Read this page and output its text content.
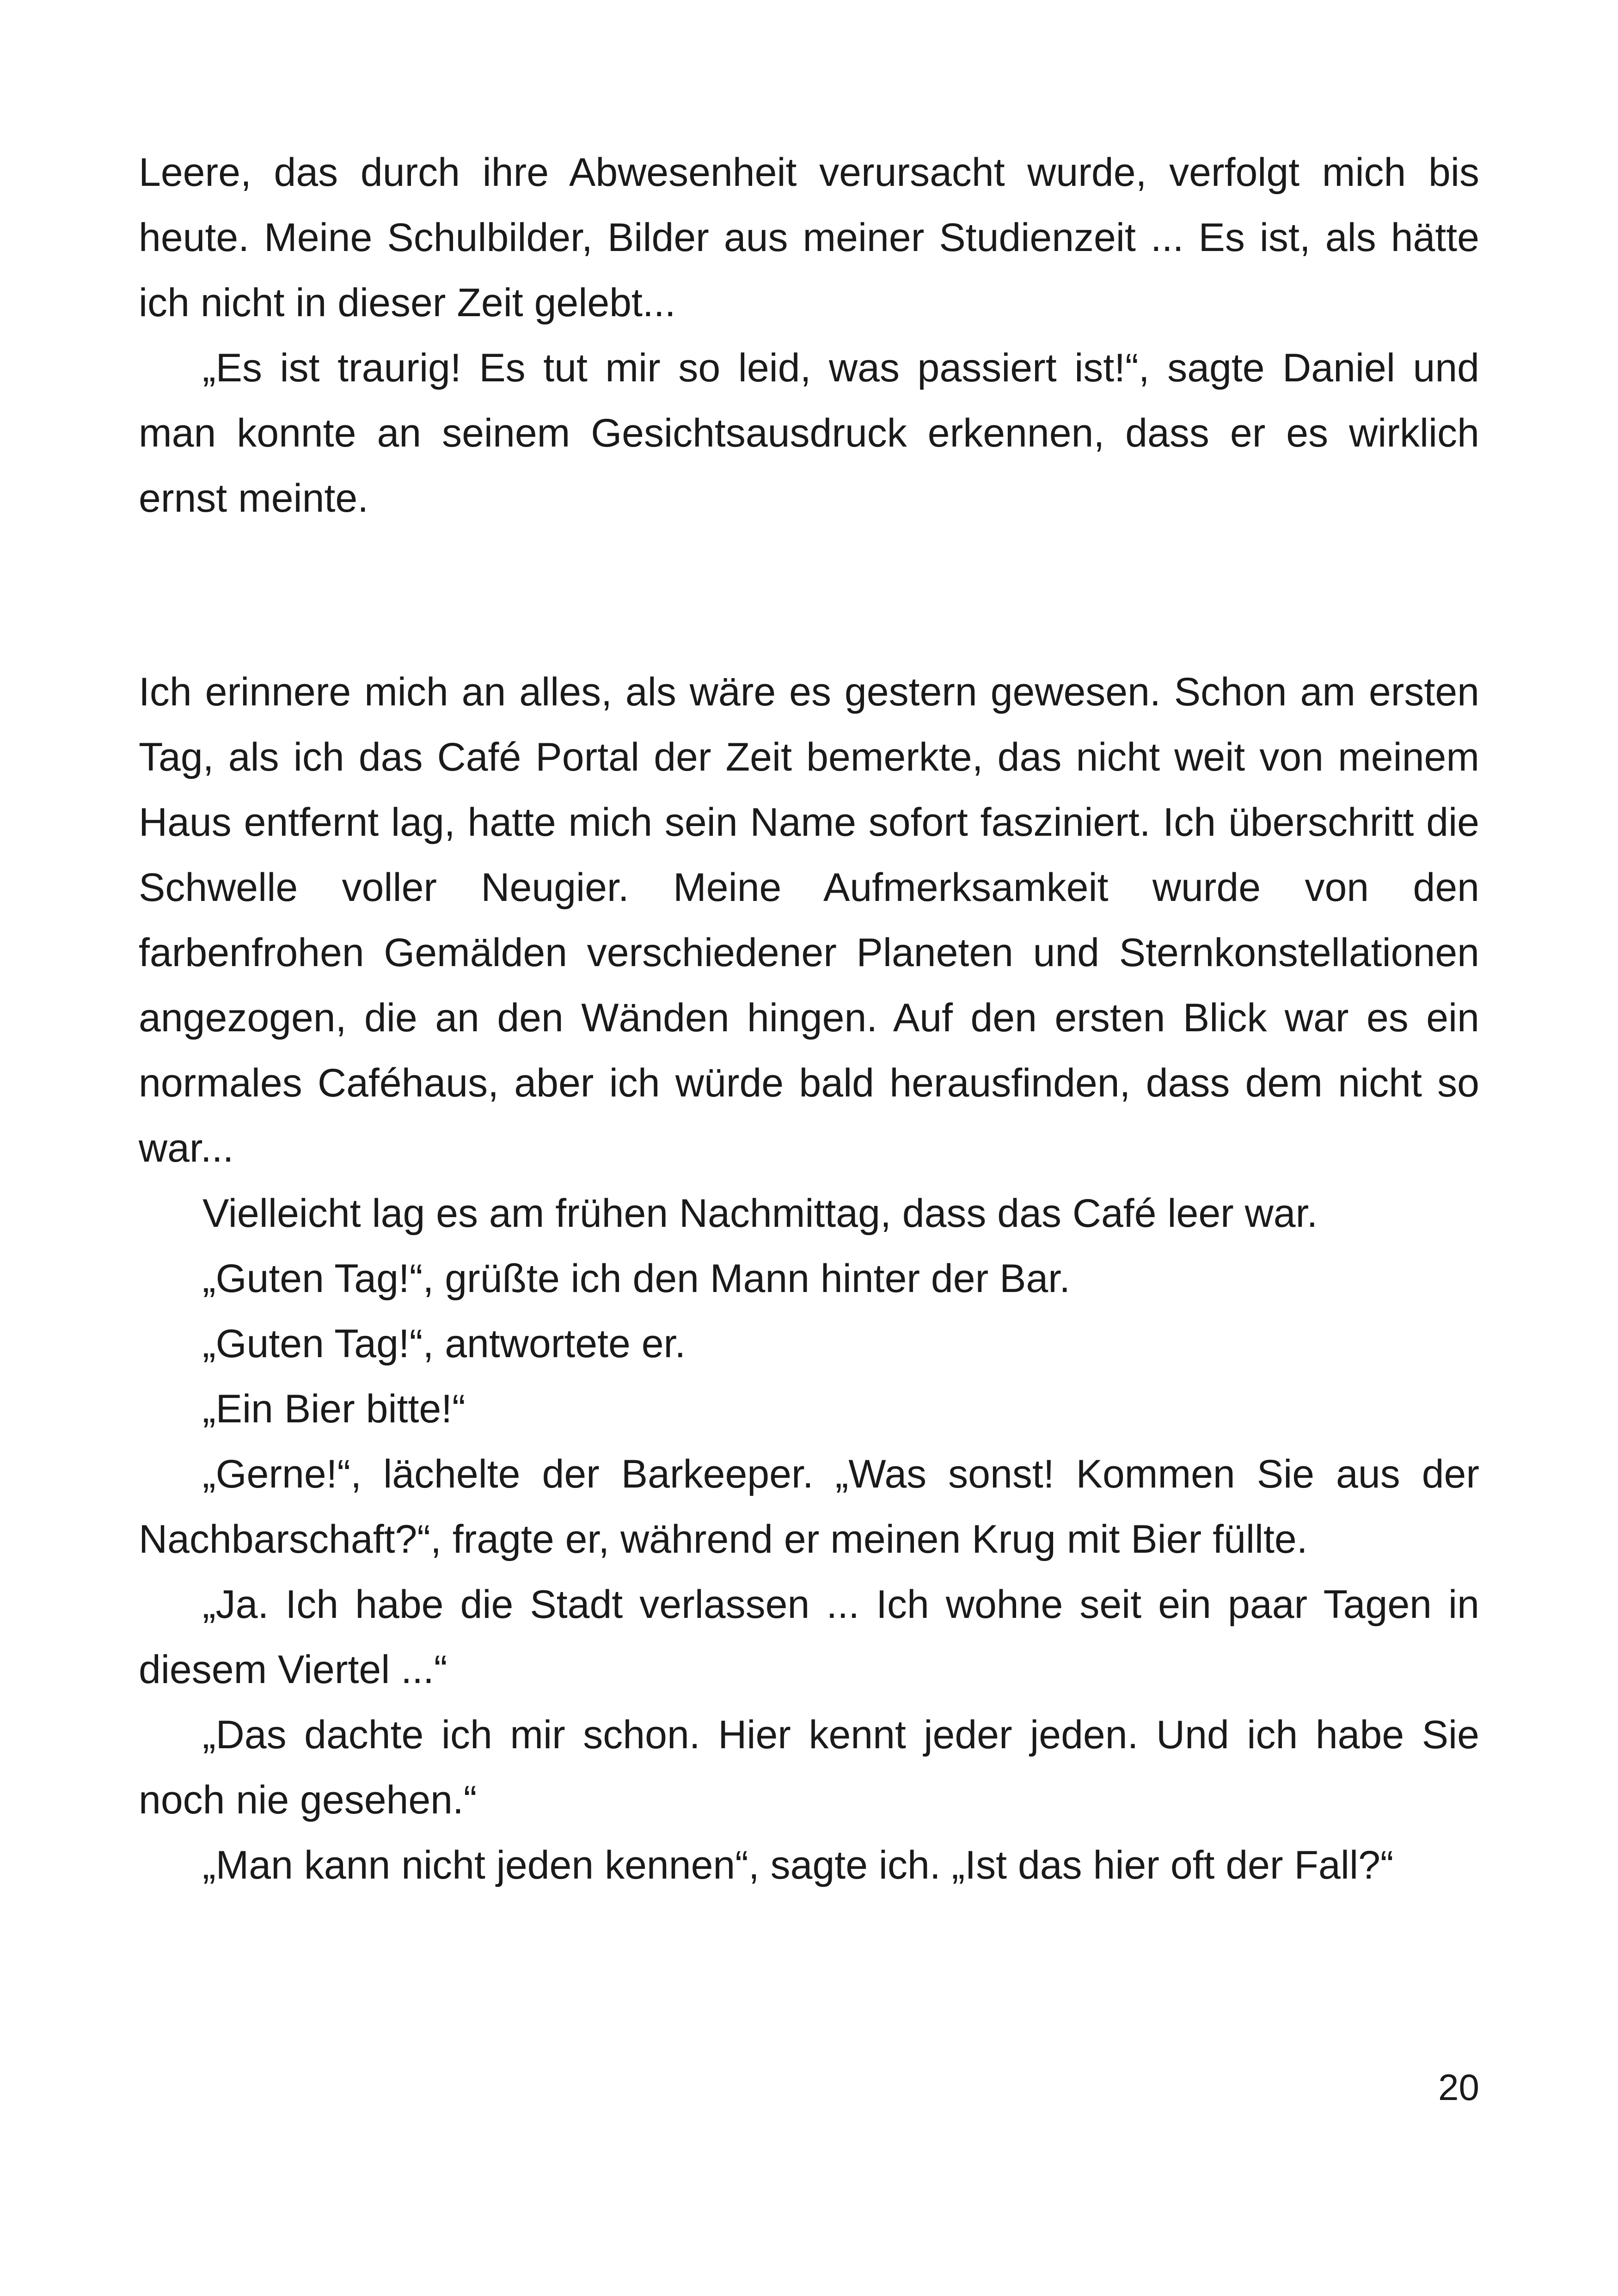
Leere, das durch ihre Abwesenheit verursacht wurde, verfolgt mich bis heute. Meine Schulbilder, Bilder aus meiner Studienzeit ... Es ist, als hätte ich nicht in dieser Zeit gelebt...

„Es ist traurig! Es tut mir so leid, was passiert ist!“, sagte Daniel und man konnte an seinem Gesichtsausdruck erkennen, dass er es wirklich ernst meinte.

Ich erinnere mich an alles, als wäre es gestern gewesen. Schon am ersten Tag, als ich das Café Portal der Zeit bemerkte, das nicht weit von meinem Haus entfernt lag, hatte mich sein Name sofort fasziniert. Ich überschritt die Schwelle voller Neugier. Meine Aufmerksamkeit wurde von den farbenfrohen Gemälden verschiedener Planeten und Sternkonstellationen angezogen, die an den Wänden hingen. Auf den ersten Blick war es ein normales Caféhaus, aber ich würde bald herausfinden, dass dem nicht so war...

Vielleicht lag es am frühen Nachmittag, dass das Café leer war.

„Guten Tag!“, grüßte ich den Mann hinter der Bar.

„Guten Tag!“, antwortete er.

„Ein Bier bitte!“

„Gerne!“, lächelte der Barkeeper. „Was sonst! Kommen Sie aus der Nachbarschaft?“, fragte er, während er meinen Krug mit Bier füllte.

„Ja. Ich habe die Stadt verlassen ... Ich wohne seit ein paar Tagen in diesem Viertel ...“

„Das dachte ich mir schon. Hier kennt jeder jeden. Und ich habe Sie noch nie gesehen.“

„Man kann nicht jeden kennen“, sagte ich. „Ist das hier oft der Fall?“

20
